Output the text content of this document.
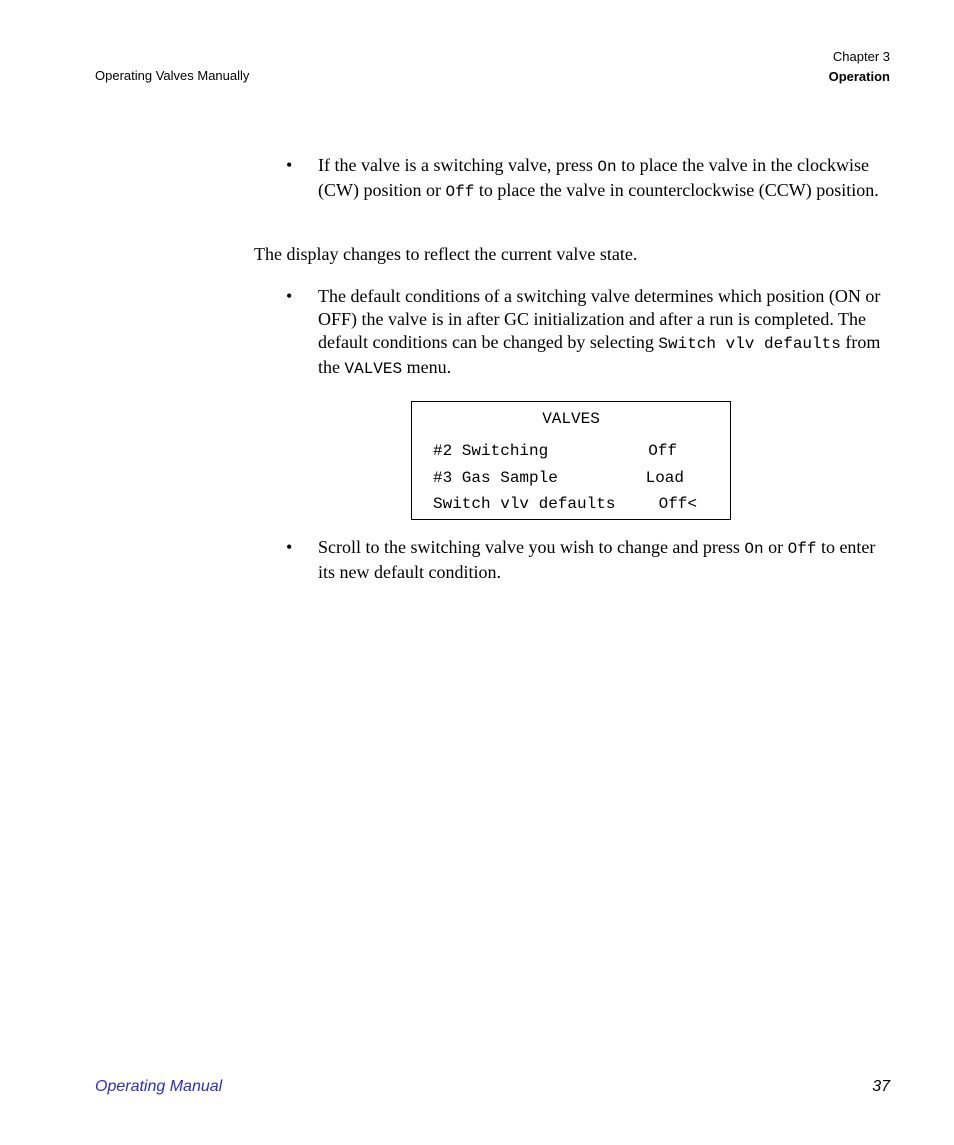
Operating Valves Manually
Chapter 3
Operation
• If the valve is a switching valve, press On to place the valve in the clockwise (CW) position or Off to place the valve in counterclockwise (CCW) position.

The display changes to reflect the current valve state.

• The default conditions of a switching valve determines which position (ON or OFF) the valve is in after GC initialization and after a run is completed. The default conditions can be changed by selecting Switch vlv defaults from the VALVES menu.

VALVES
#2 Switching	Off
#3 Gas Sample	Load
Switch vlv defaults	Off<
• Scroll to the switching valve you wish to change and press On or Off to enter its new default condition.

Operating Manual	37
